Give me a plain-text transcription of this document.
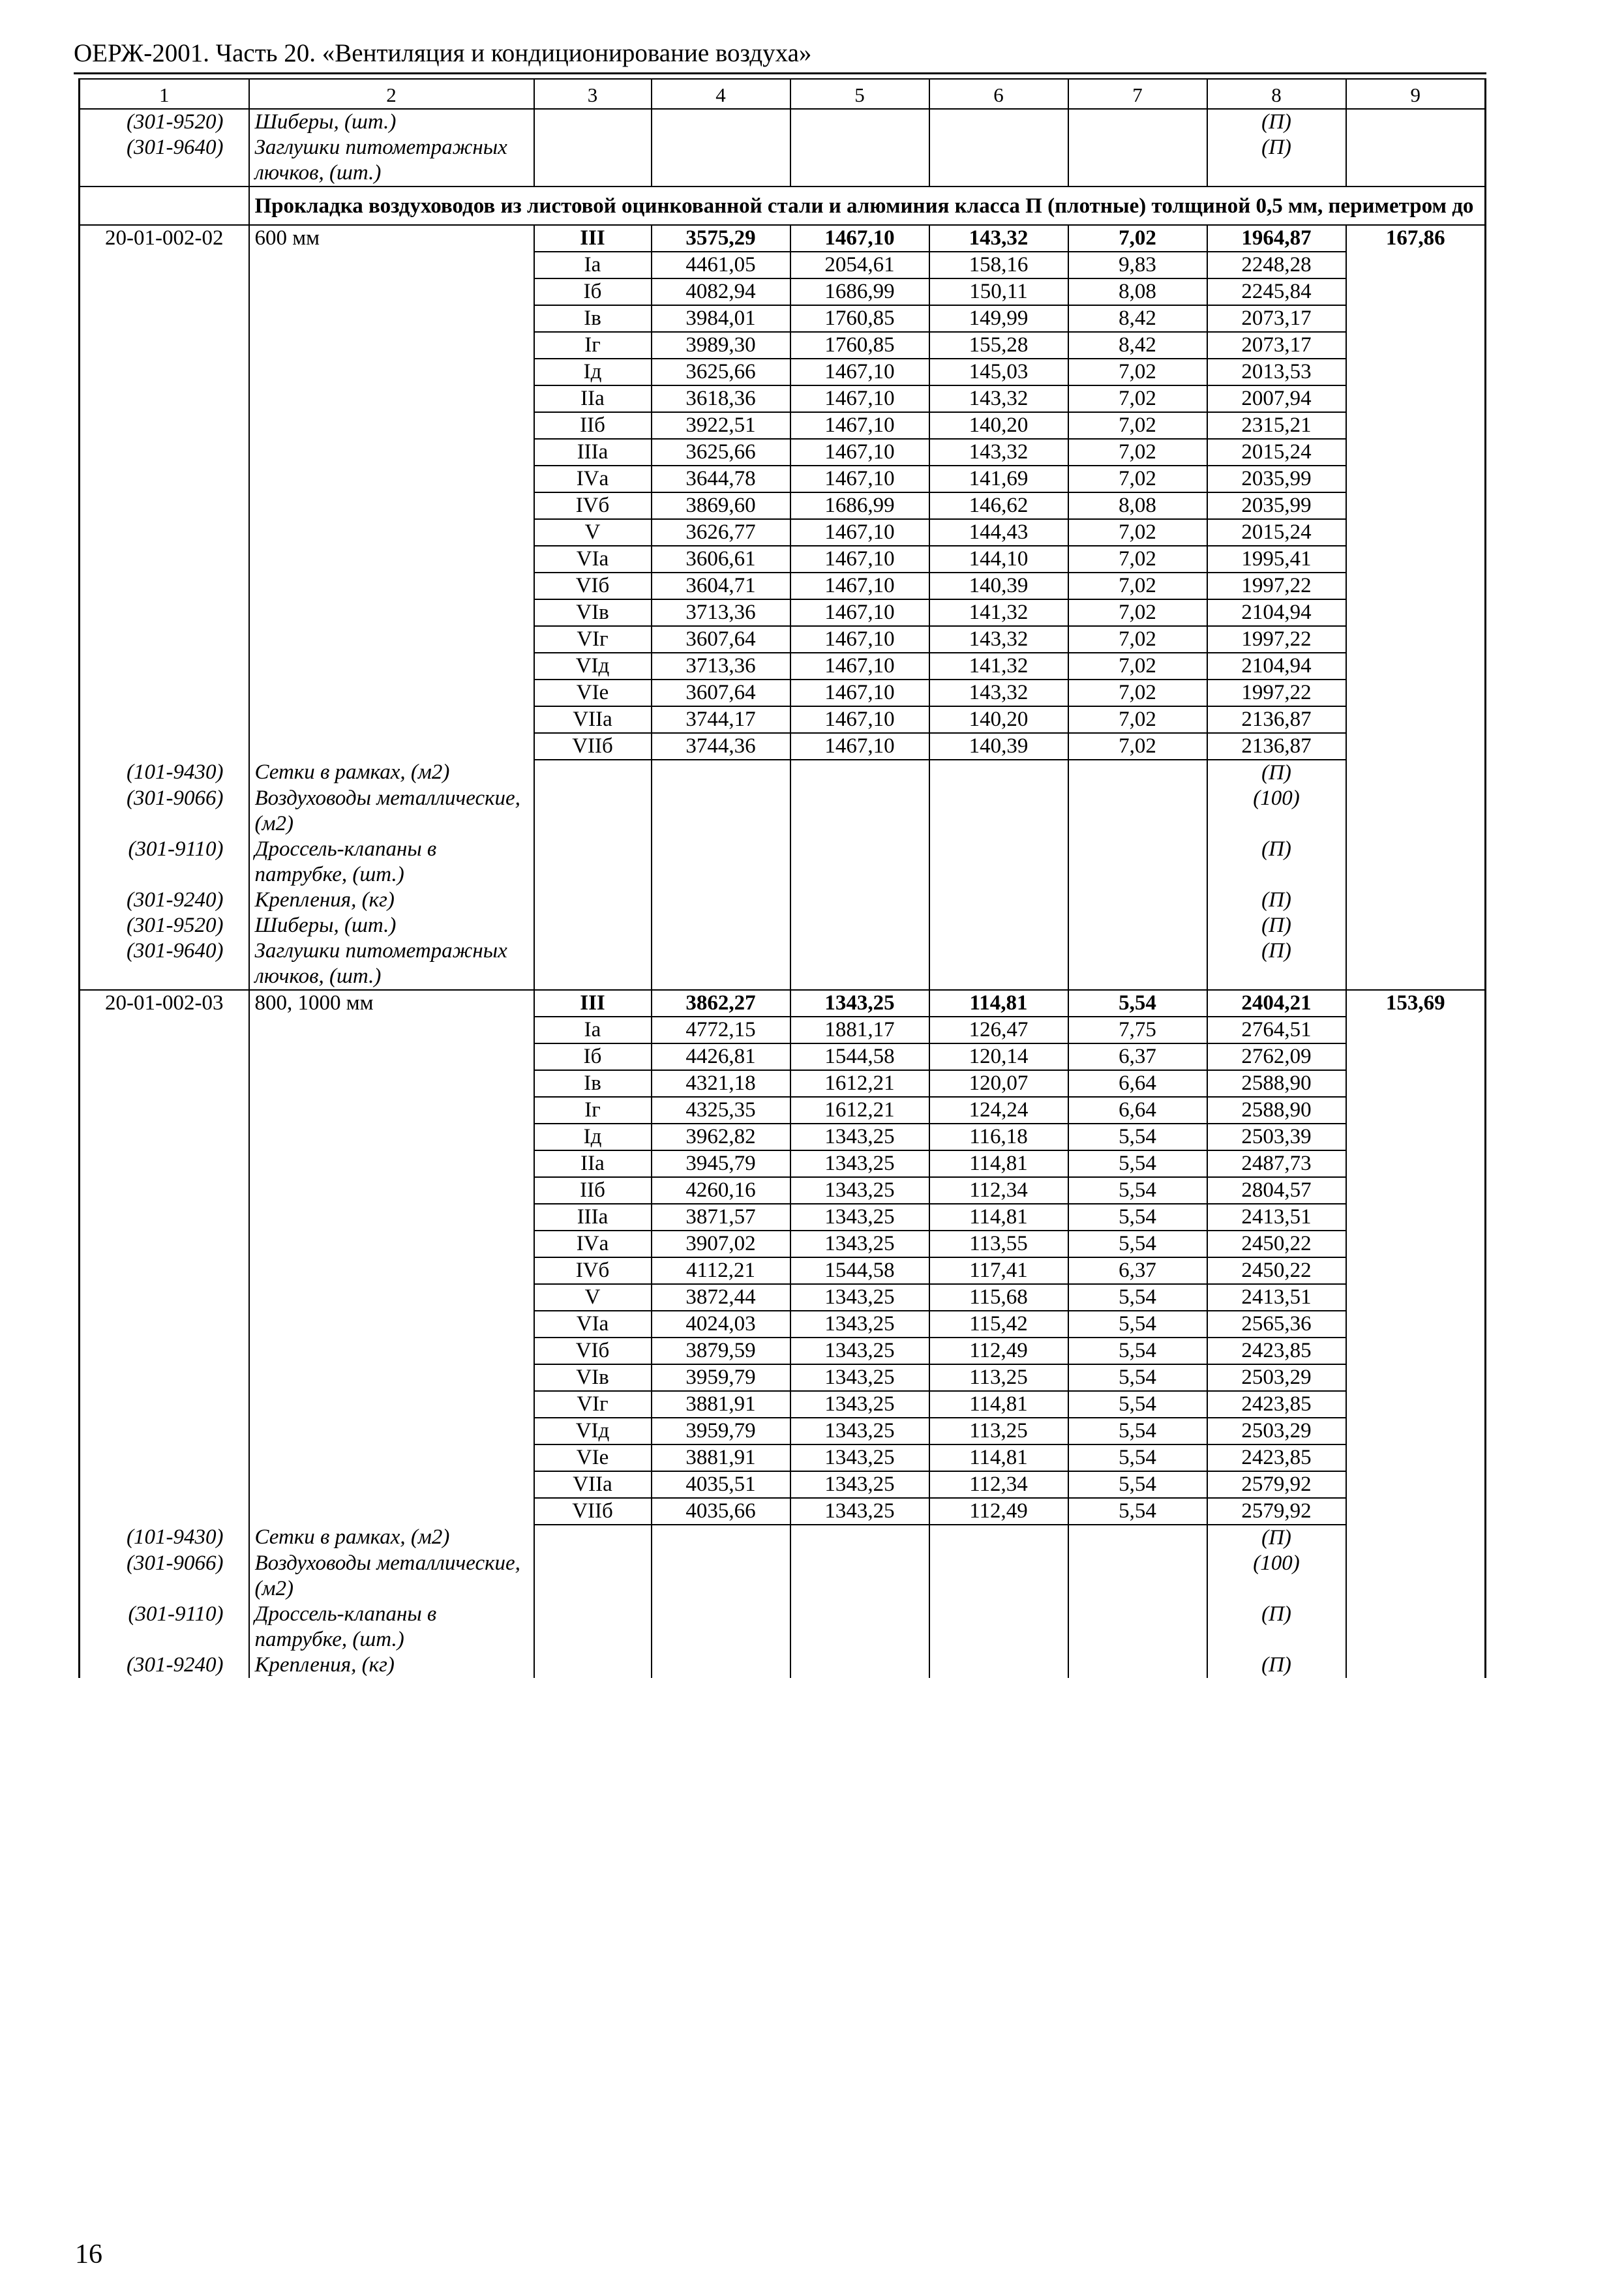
ОЕРЖ-2001. Часть 20. «Вентиляция и кондиционирование воздуха»
1	2	3	4	5	6	7	8	9
(301-9520)	Шиберы, (шт.)						(П)	
(301-9640)	Заглушки питометражных лючков, (шт.)						(П)	
	Прокладка воздуховодов из листовой оцинкованной стали и алюминия класса П (плотные) толщиной 0,5 мм, периметром до							
20-01-002-02	600 мм	III	3575,29	1467,10	143,32	7,02	1964,87	167,86
		Iа	4461,05	2054,61	158,16	9,83	2248,28	
		Iб	4082,94	1686,99	150,11	8,08	2245,84	
		Iв	3984,01	1760,85	149,99	8,42	2073,17	
		Iг	3989,30	1760,85	155,28	8,42	2073,17	
		Iд	3625,66	1467,10	145,03	7,02	2013,53	
		IIа	3618,36	1467,10	143,32	7,02	2007,94	
		IIб	3922,51	1467,10	140,20	7,02	2315,21	
		IIIа	3625,66	1467,10	143,32	7,02	2015,24	
		IVа	3644,78	1467,10	141,69	7,02	2035,99	
		IVб	3869,60	1686,99	146,62	8,08	2035,99	
		V	3626,77	1467,10	144,43	7,02	2015,24	
		VIа	3606,61	1467,10	144,10	7,02	1995,41	
		VIб	3604,71	1467,10	140,39	7,02	1997,22	
		VIв	3713,36	1467,10	141,32	7,02	2104,94	
		VIг	3607,64	1467,10	143,32	7,02	1997,22	
		VIд	3713,36	1467,10	141,32	7,02	2104,94	
		VIе	3607,64	1467,10	143,32	7,02	1997,22	
		VIIа	3744,17	1467,10	140,20	7,02	2136,87	
		VIIб	3744,36	1467,10	140,39	7,02	2136,87	
(101-9430)	Сетки в рамках, (м2)						(П)	
(301-9066)	Воздуховоды металлические, (м2)						(100)	
(301-9110)	Дроссель-клапаны в патрубке, (шт.)						(П)	
(301-9240)	Крепления, (кг)						(П)	
(301-9520)	Шиберы, (шт.)						(П)	
(301-9640)	Заглушки питометражных лючков, (шт.)						(П)	
20-01-002-03	800, 1000 мм	III	3862,27	1343,25	114,81	5,54	2404,21	153,69
		Iа	4772,15	1881,17	126,47	7,75	2764,51	
		Iб	4426,81	1544,58	120,14	6,37	2762,09	
		Iв	4321,18	1612,21	120,07	6,64	2588,90	
		Iг	4325,35	1612,21	124,24	6,64	2588,90	
		Iд	3962,82	1343,25	116,18	5,54	2503,39	
		IIа	3945,79	1343,25	114,81	5,54	2487,73	
		IIб	4260,16	1343,25	112,34	5,54	2804,57	
		IIIа	3871,57	1343,25	114,81	5,54	2413,51	
		IVа	3907,02	1343,25	113,55	5,54	2450,22	
		IVб	4112,21	1544,58	117,41	6,37	2450,22	
		V	3872,44	1343,25	115,68	5,54	2413,51	
		VIа	4024,03	1343,25	115,42	5,54	2565,36	
		VIб	3879,59	1343,25	112,49	5,54	2423,85	
		VIв	3959,79	1343,25	113,25	5,54	2503,29	
		VIг	3881,91	1343,25	114,81	5,54	2423,85	
		VIд	3959,79	1343,25	113,25	5,54	2503,29	
		VIе	3881,91	1343,25	114,81	5,54	2423,85	
		VIIа	4035,51	1343,25	112,34	5,54	2579,92	
		VIIб	4035,66	1343,25	112,49	5,54	2579,92	
(101-9430)	Сетки в рамках, (м2)						(П)	
(301-9066)	Воздуховоды металлические, (м2)						(100)	
(301-9110)	Дроссель-клапаны в патрубке, (шт.)						(П)	
(301-9240)	Крепления, (кг)						(П)	
16
